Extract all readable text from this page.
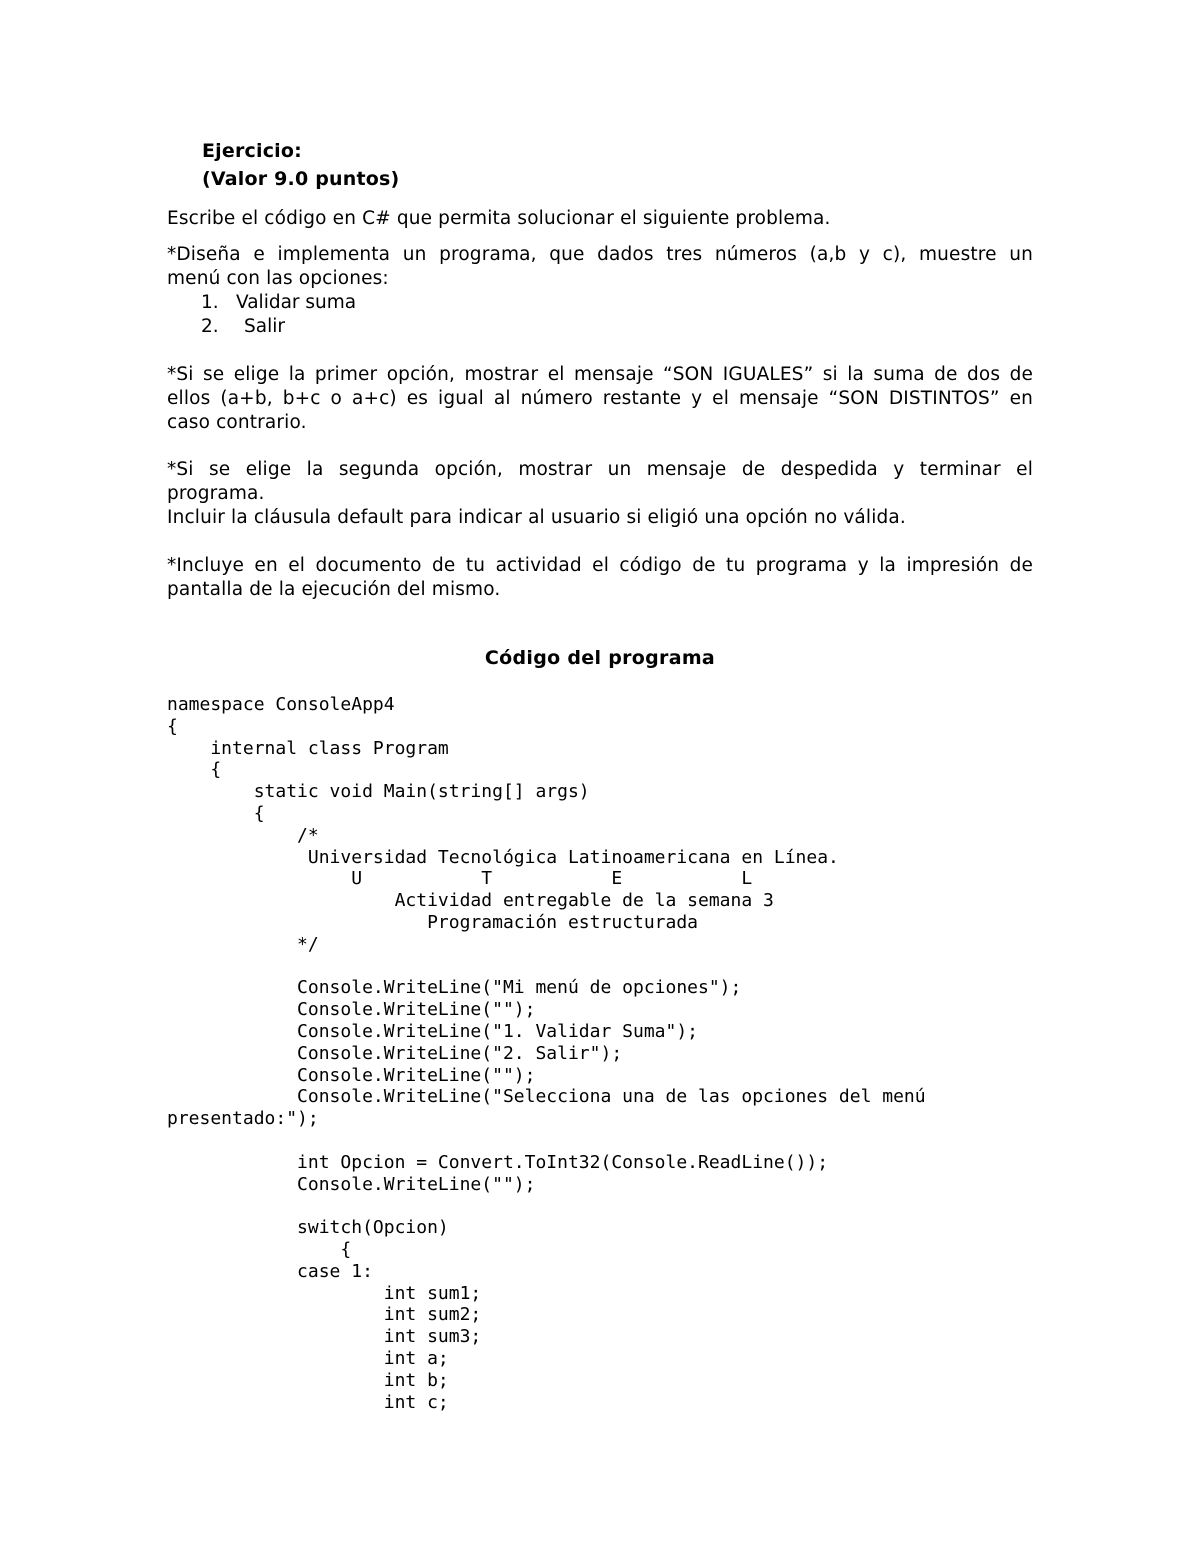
Ejercicio:
(Valor 9.0 puntos)
Escribe el código en C# que permita solucionar el siguiente problema.
*Diseña e implementa un programa, que dados tres números (a,b y c), muestre un
menú con las opciones:
1. Validar suma
2. Salir
*Si se elige la primer opción, mostrar el mensaje “SON IGUALES” si la suma de dos de
ellos (a+b, b+c o a+c) es igual al número restante y el mensaje “SON DISTINTOS” en
caso contrario.
*Si se elige la segunda opción, mostrar un mensaje de despedida y terminar el
programa.
Incluir la cláusula default para indicar al usuario si eligió una opción no válida.
*Incluye en el documento de tu actividad el código de tu programa y la impresión de
pantalla de la ejecución del mismo.
Código del programa
namespace ConsoleApp4
{
internal class Program
{
static void Main(string[] args)
{
/*
Universidad Tecnológica Latinoamericana en Línea.
U           T           E           L
Actividad entregable de la semana 3
Programación estructurada
*/
Console.WriteLine("Mi menú de opciones");
Console.WriteLine("");
Console.WriteLine("1. Validar Suma");
Console.WriteLine("2. Salir");
Console.WriteLine("");
Console.WriteLine("Selecciona una de las opciones del menú
presentado:");
int Opcion = Convert.ToInt32(Console.ReadLine());
Console.WriteLine("");
switch(Opcion)
{
case 1:
int sum1;
int sum2;
int sum3;
int a;
int b;
int c;
